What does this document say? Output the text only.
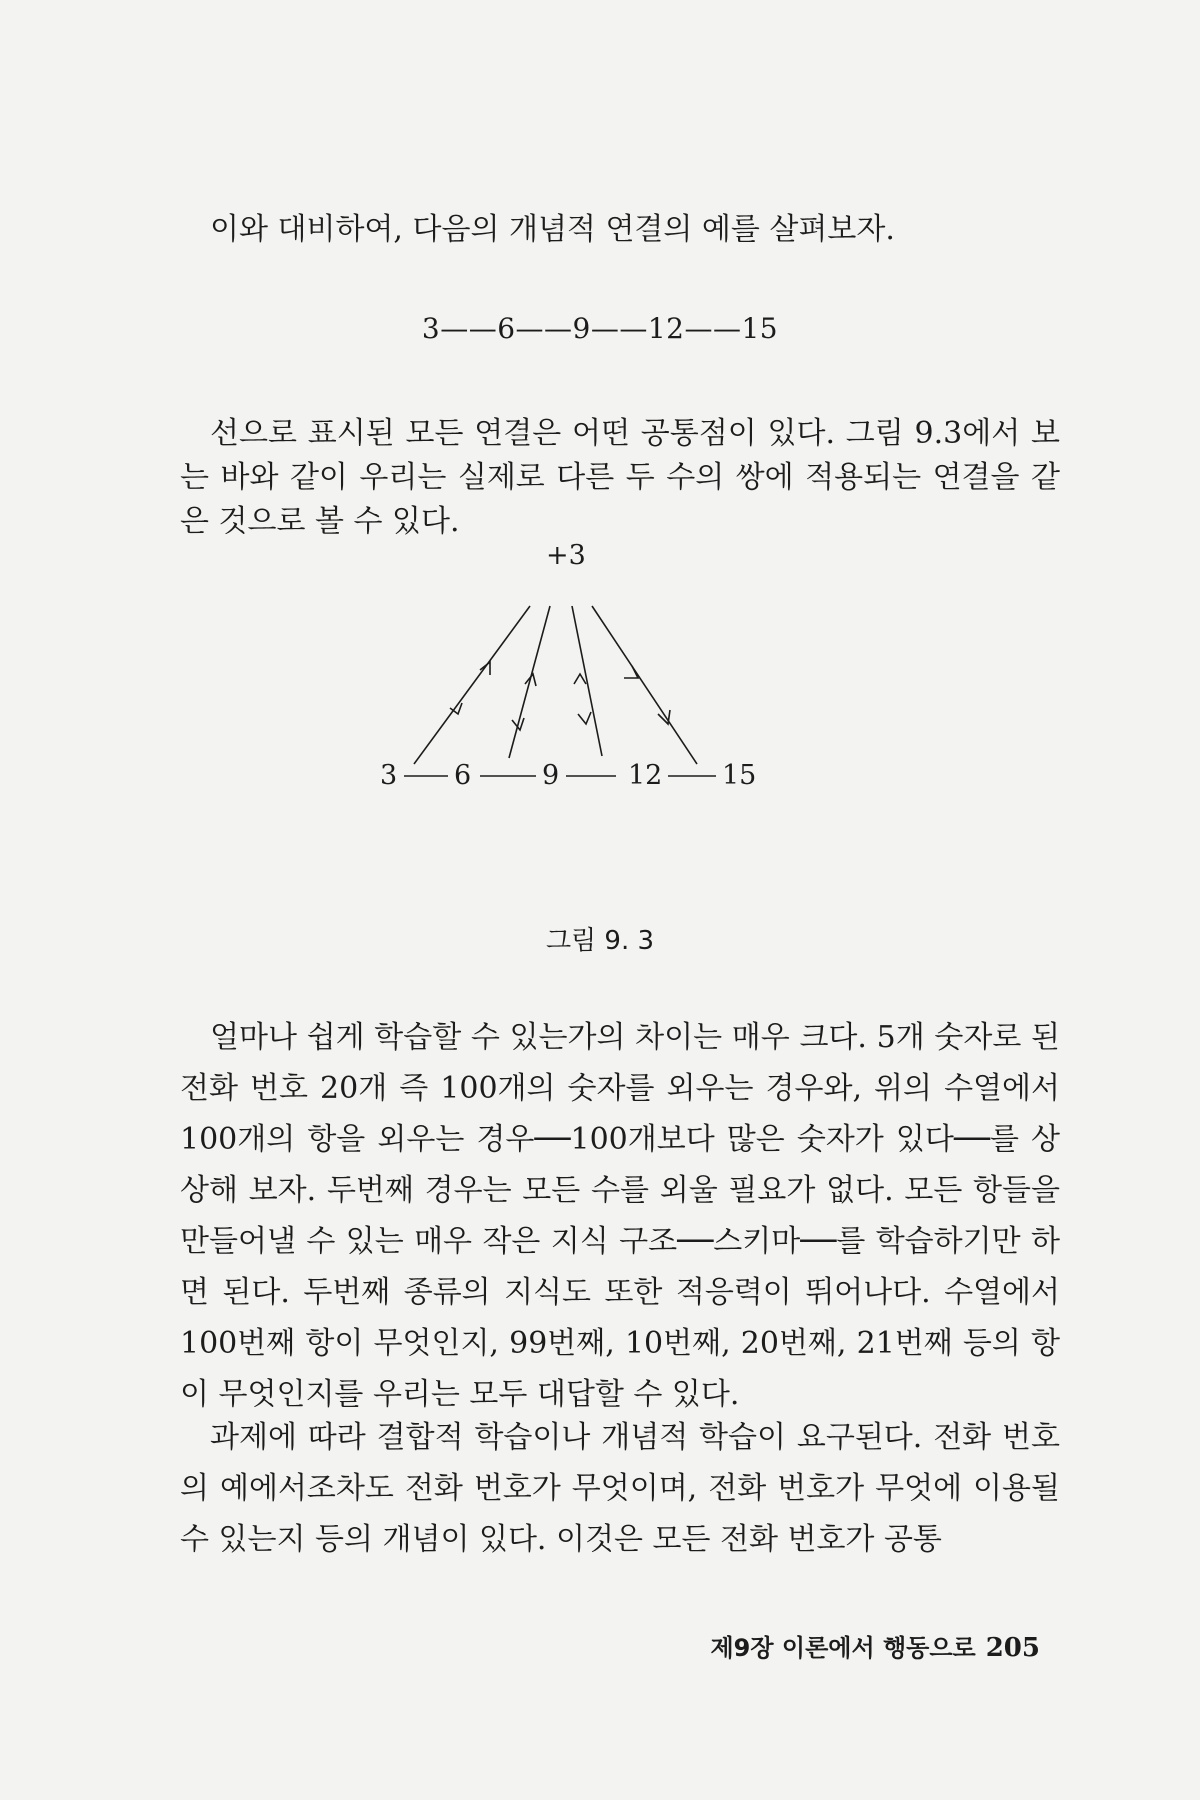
이와 대비하여, 다음의 개념적 연결의 예를 살펴보자.

3——6——9——12——15

선으로 표시된 모든 연결은 어떤 공통점이 있다. 그림 9.3에서 보는 바와 같이 우리는 실제로 다른 두 수의 쌍에 적용되는 연결을 같은 것으로 볼 수 있다.

+3
3 6	9	12 15
그림 9. 3

얼마나 쉽게 학습할 수 있는가의 차이는 매우 크다. 5개 숫자로 된 전화 번호 20개 즉 100개의 숫자를 외우는 경우와, 위의 수열에서 100개의 항을 외우는 경우──100개보다 많은 숫자가 있다──를 상상해 보자. 두번째 경우는 모든 수를 외울 필요가 없다. 모든 항들을 만들어낼 수 있는 매우 작은 지식 구조──스키마──를 학습하기만 하면 된다. 두번째 종류의 지식도 또한 적응력이 뛰어나다. 수열에서 100번째 항이 무엇인지, 99번째, 10번째, 20번째, 21번째 등의 항이 무엇인지를 우리는 모두 대답할 수 있다.

과제에 따라 결합적 학습이나 개념적 학습이 요구된다. 전화 번호의 예에서조차도 전화 번호가 무엇이며, 전화 번호가 무엇에 이용될 수 있는지 등의 개념이 있다. 이것은 모든 전화 번호가 공통

제9장 이론에서 행동으로 205
